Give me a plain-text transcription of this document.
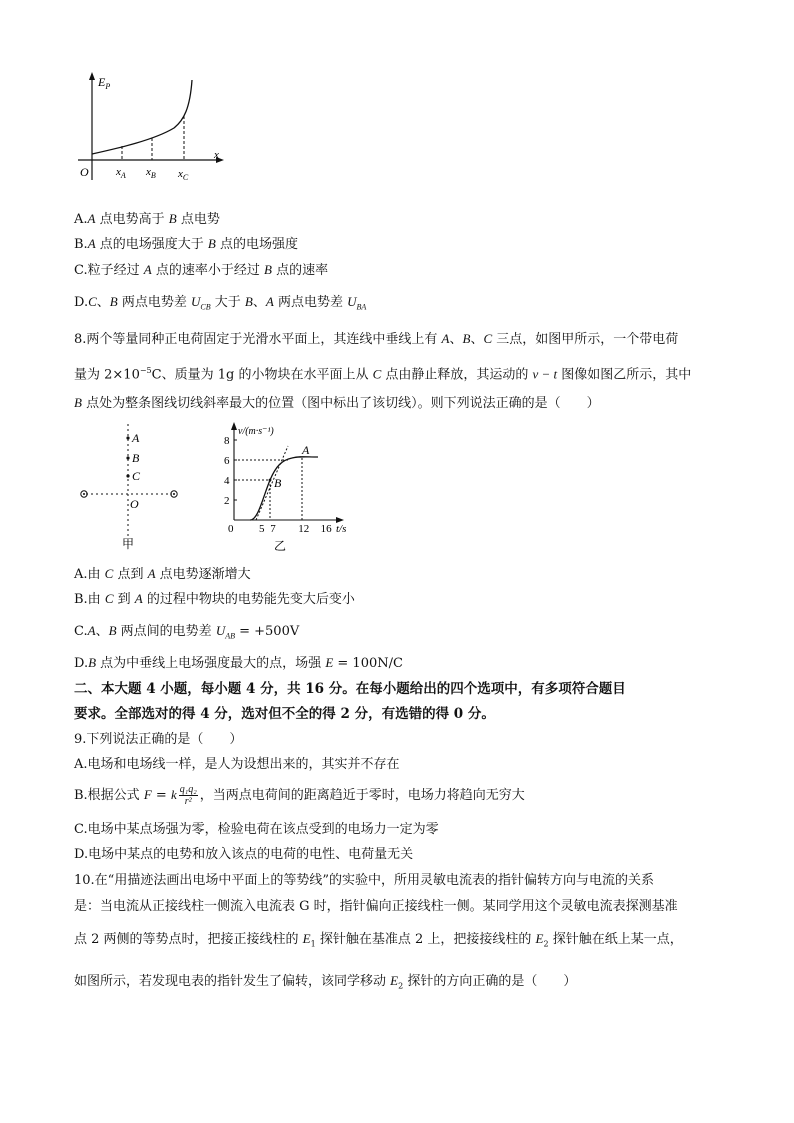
$E_P$
x
O $x_A$ $x_B$ $x_C$
A.A 点电势高于 B 点电势
B.A 点的电场强度大于 B 点的电场强度
C.粒子经过 A 点的速率小于经过 B 点的速率
D.C、B 两点电势差 $U_{CB}$ 大于 B、A 两点电势差 $U_{BA}$
8.两个等量同种正电荷固定于光滑水平面上，其连线中垂线上有 A、B、C 三点，如图甲所示，一个带电荷
量为 $2\times 10^{-5}C$、质量为 1g 的小物块在水平面上从 C 点由静止释放，其运动的 v − t 图像如图乙所示，其中
B 点处为整条图线切线斜率最大的位置（图中标出了该切线）。则下列说法正确的是（　　）
A
B
C
O
甲
v/(m·s⁻¹)
t/s
8
6
4
2
0 5 7 12 16
A
B
乙
A.由 C 点到 A 点电势逐渐增大
B.由 C 到 A 的过程中物块的电势能先变大后变小
C.A、B 两点间的电势差 $U_{AB} = +500V$
D.B 点为中垂线上电场强度最大的点，场强 E = 100N/C
二、本大题 4 小题，每小题 4 分，共 16 分。在每小题给出的四个选项中，有多项符合题目
要求。全部选对的得 4 分，选对但不全的得 2 分，有选错的得 0 分。
9.下列说法正确的是（　　）
A.电场和电场线一样，是人为设想出来的，其实并不存在
B.根据公式 F = k $\frac{\text{q₁q₂}}{\text{r²}}$ ，当两点电荷间的距离趋近于零时，电场力将趋向无穷大
C.电场中某点场强为零，检验电荷在该点受到的电场力一定为零
D.电场中某点的电势和放入该点的电荷的电性、电荷量无关
10.在“用描迹法画出电场中平面上的等势线”的实验中，所用灵敏电流表的指针偏转方向与电流的关系
是：当电流从正接线柱一侧流入电流表 G 时，指针偏向正接线柱一侧。某同学用这个灵敏电流表探测基准
点 2 两侧的等势点时，把接正接线柱的 $E_1$ 探针触在基准点 2 上，把接接线柱的 $E_2$ 探针触在纸上某一点，
如图所示，若发现电表的指针发生了偏转，该同学移动 $E_2$ 探针的方向正确的是（　　）
